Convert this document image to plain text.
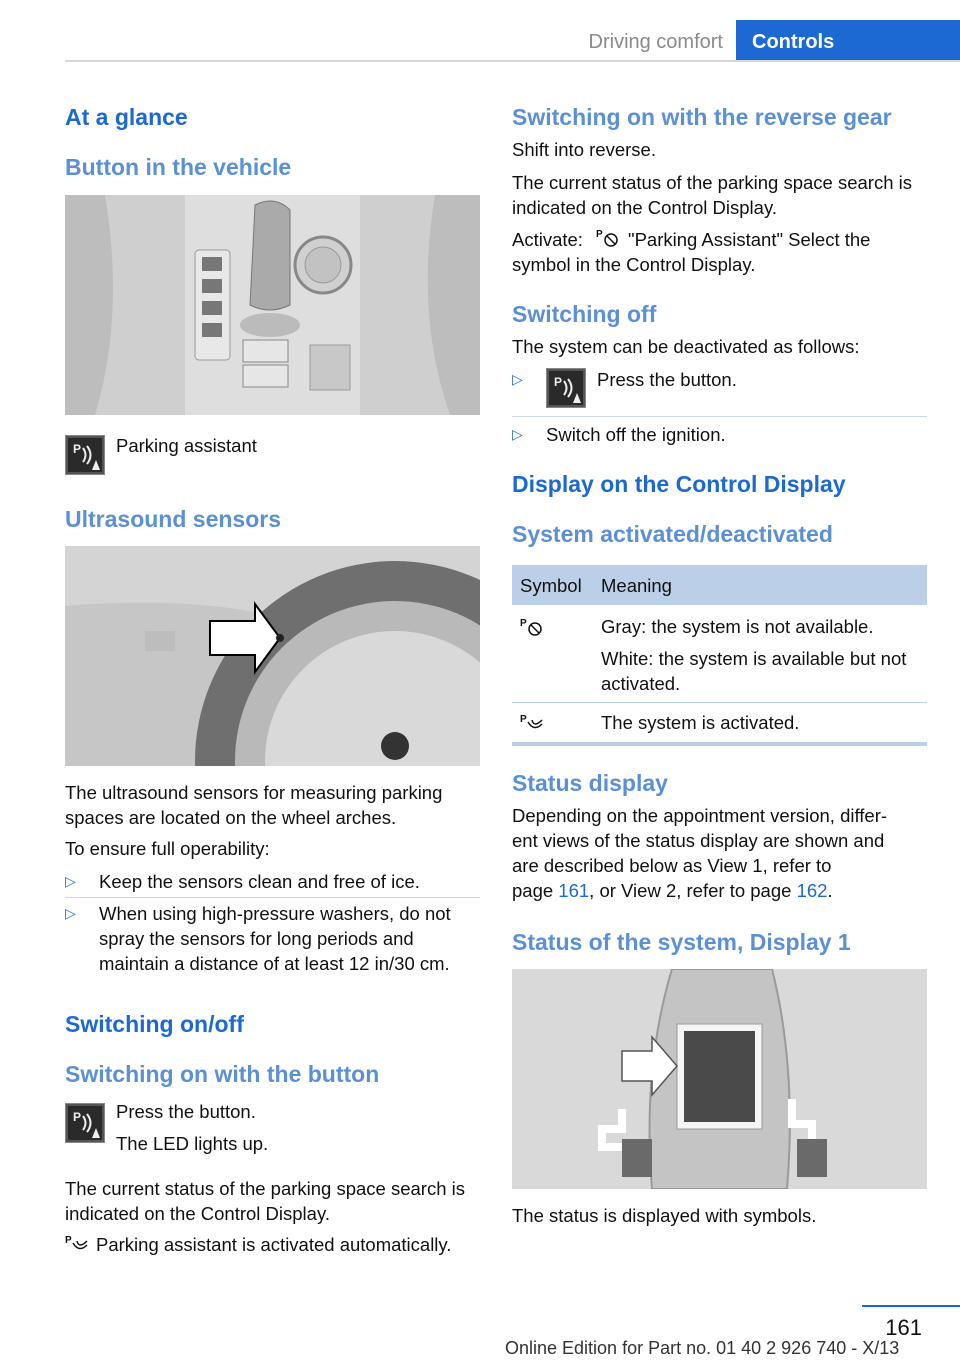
Driving comfort	Controls
At a glance
Button in the vehicle
P Parking assistant
Ultrasound sensors

The ultrasound sensors for measuring parking spaces are located on the wheel arches.

To ensure full operability:

▷ Keep the sensors clean and free of ice.
▷ When using high-pressure washers, do not spray the sensors for long periods and maintain a distance of at least 12 in/30 cm.
Switching on/off
Switching on with the button
P Press the button.
The LED lights up.

The current status of the parking space search is indicated on the Control Display.

P Parking assistant is activated automatically.
Switching on with the reverse gear

Shift into reverse.

The current status of the parking space search is indicated on the Control Display.

Activate: P "Parking Assistant" Select the
symbol in the Control Display.
Switching off

The system can be deactivated as follows:

▷	P Press the button.
▷ Switch off the ignition.
Display on the Control Display
System activated/deactivated
Symbol Meaning
P	Gray: the system is not available.
White: the system is available but not activated.
P	The system is activated.
Status display
Depending on the appointment version, differ-
ent views of the status display are shown and
are described below as View 1, refer to
page 161, or View 2, refer to page 162.
Status of the system, Display 1

The status is displayed with symbols.

161
Online Edition for Part no. 01 40 2 926 740 - X/13
